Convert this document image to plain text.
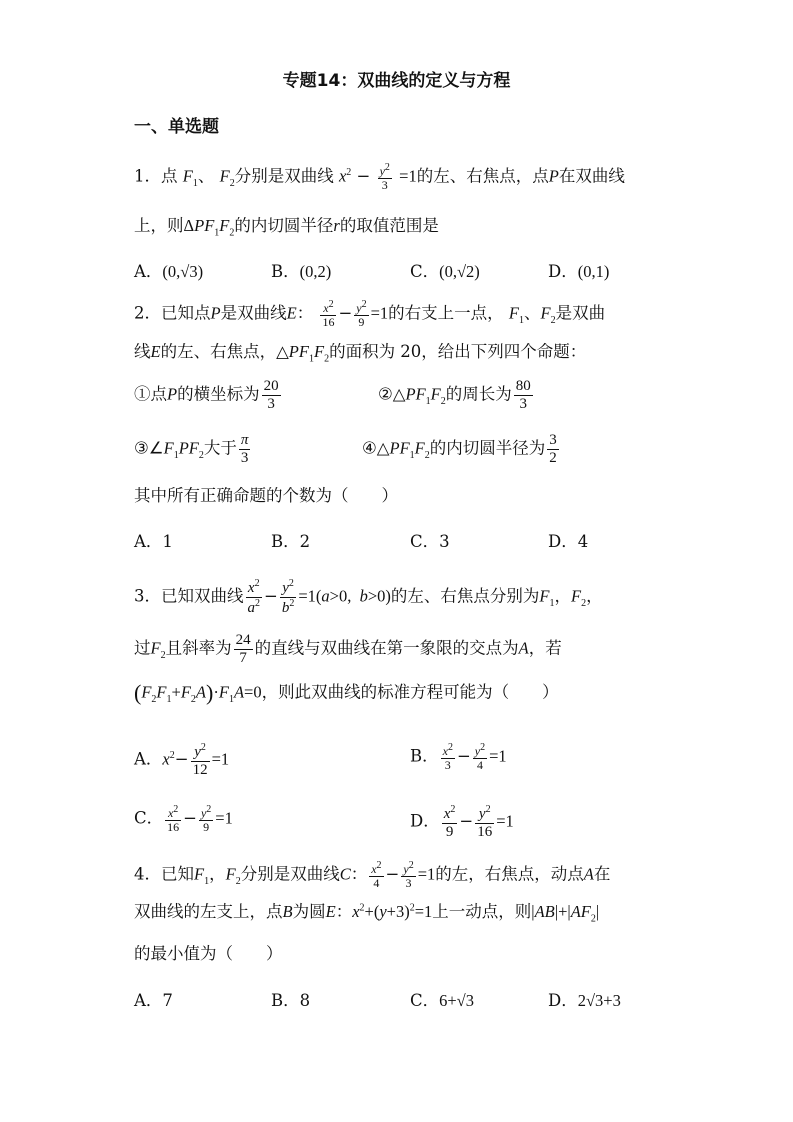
专题14：双曲线的定义与方程
一、单选题
1．点 $F_1$、 $F_2$分别是双曲线 $x^2 - \frac{y^2}{3} =1$的左、右焦点，点P在双曲线
上，则$\Delta PF_1F_2$的内切圆半径r的取值范围是
A．(0,√3)	B．(0,2)	C．(0,√2)	D．(0,1)
2．已知点P是双曲线E： $\frac{x^2}{16} - \frac{y^2}{9} =1$的右支上一点， $F_1$、$F_2$是双曲
线E的左、右焦点，$\triangle PF_1F_2$的面积为 20，给出下列四个命题：
①点P的横坐标为 $\frac{20}{3}$	$②\triangle PF_1F_2$的周长为 $\frac{80}{3}$
$③\angle F_1PF_2$大于 $\frac{\pi}{3}$	$④\triangle PF_1F_2$的内切圆半径为 $\frac{3}{2}$
其中所有正确命题的个数为（　　）
A．1	B．2	C．3	D．4
3．已知双曲线 $\frac{x^2}{a^2} - \frac{y^2}{b^2} =1(a>0$,  b>0)的左、右焦点分别为$F_1$，$F_2$，
过$F_2$且斜率为 $\frac{24}{7}$ 的直线与双曲线在第一象限的交点为A，若
$(F_2F_1+F_2A)\cdot F_1A=0$，则此双曲线的标准方程可能为（　　）
A．$x^2- \frac{y^2}{12} =1$	B． $\frac{x^2}{3} - \frac{y^2}{4} =1$
C． $\frac{x^2}{16} - \frac{y^2}{9} =1$	D． $\frac{x^2}{9} - \frac{y^2}{16} =1$
4．已知$F_1$，$F_2$分别是双曲线C： $\frac{x^2}{4} - \frac{y^2}{3} =1$的左，右焦点，动点A在
双曲线的左支上，点B为圆E：$x^2+(y+3)^2=1$上一动点，则$|AB|+|AF_2|$
的最小值为（　　）
A．7	B．8	C．6+√3	D．2√3+3
